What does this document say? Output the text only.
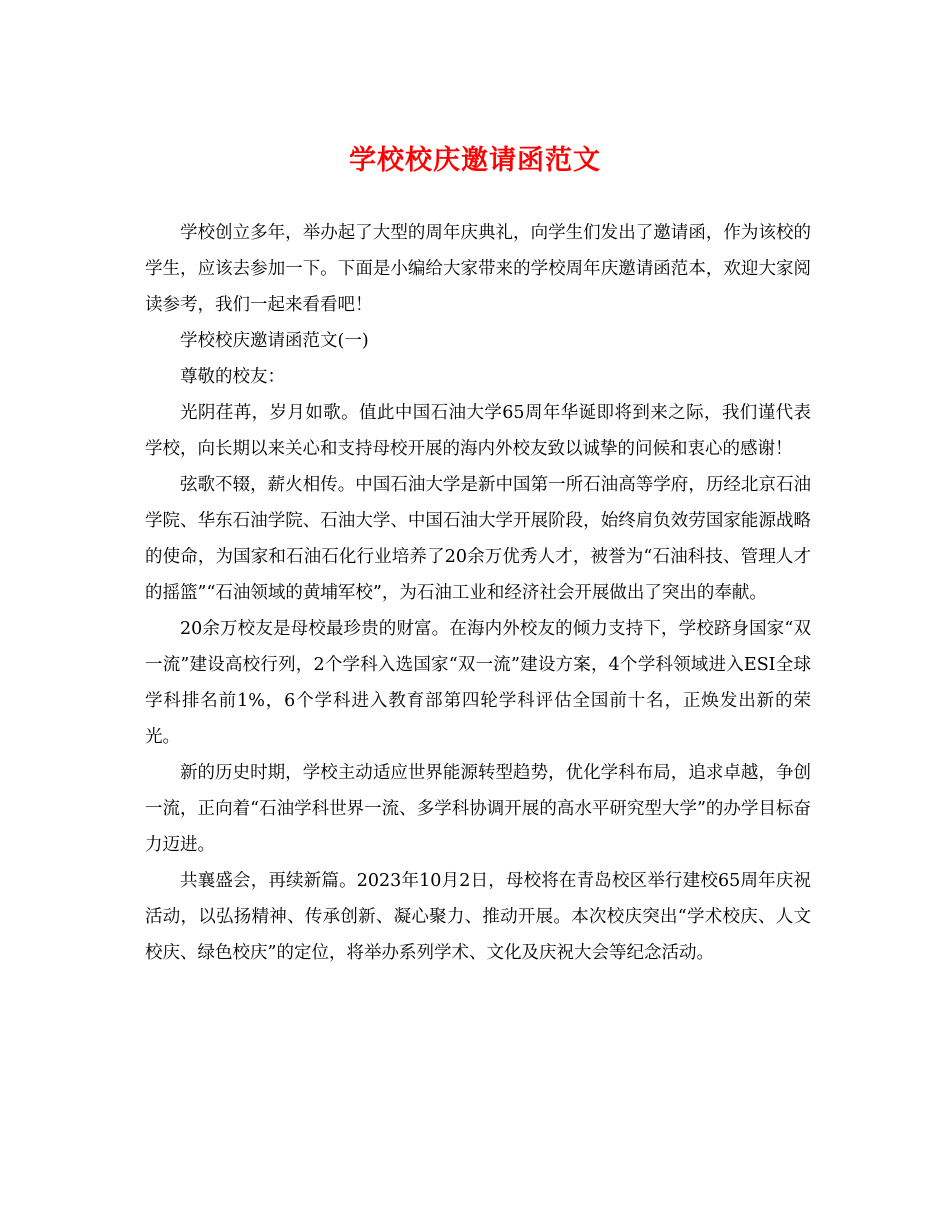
学校校庆邀请函范文

学校创立多年，举办起了大型的周年庆典礼，向学生们发出了邀请函，作为该校的学生，应该去参加一下。下面是小编给大家带来的学校周年庆邀请函范本，欢迎大家阅读参考，我们一起来看看吧！

学校校庆邀请函范文(一)

尊敬的校友：

光阴荏苒，岁月如歌。值此中国石油大学65周年华诞即将到来之际，我们谨代表学校，向长期以来关心和支持母校开展的海内外校友致以诚挚的问候和衷心的感谢！

弦歌不辍，薪火相传。中国石油大学是新中国第一所石油高等学府，历经北京石油学院、华东石油学院、石油大学、中国石油大学开展阶段，始终肩负效劳国家能源战略的使命，为国家和石油石化行业培养了20余万优秀人才，被誉为“石油科技、管理人才的摇篮”“石油领域的黄埔军校”，为石油工业和经济社会开展做出了突出的奉献。

20余万校友是母校最珍贵的财富。在海内外校友的倾力支持下，学校跻身国家“双一流”建设高校行列，2个学科入选国家“双一流”建设方案，4个学科领域进入ESI全球学科排名前1%，6个学科进入教育部第四轮学科评估全国前十名，正焕发出新的荣光。

新的历史时期，学校主动适应世界能源转型趋势，优化学科布局，追求卓越，争创一流，正向着“石油学科世界一流、多学科协调开展的高水平研究型大学”的办学目标奋力迈进。

共襄盛会，再续新篇。2023年10月2日，母校将在青岛校区举行建校65周年庆祝活动，以弘扬精神、传承创新、凝心聚力、推动开展。本次校庆突出“学术校庆、人文校庆、绿色校庆”的定位，将举办系列学术、文化及庆祝大会等纪念活动。
